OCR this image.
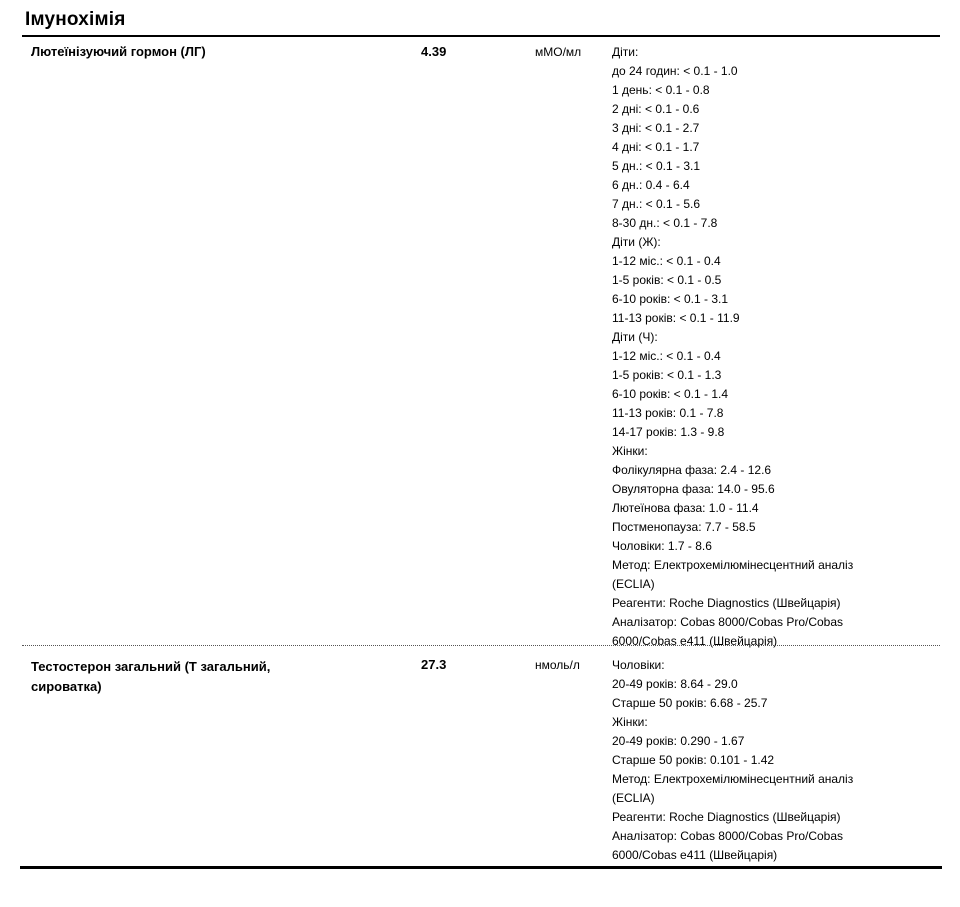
Імунохімія
Лютеїнізуючий гормон (ЛГ)	4.39	мМО/мл	Діти:
до 24 годин: < 0.1 - 1.0
1 день: < 0.1 - 0.8
2 дні: < 0.1 - 0.6
3 дні: < 0.1 - 2.7
4 дні: < 0.1 - 1.7
5 дн.: < 0.1 - 3.1
6 дн.: 0.4 - 6.4
7 дн.: < 0.1 - 5.6
8-30 дн.: < 0.1 - 7.8
Діти (Ж):
1-12 міс.: < 0.1 - 0.4
1-5 років: < 0.1 - 0.5
6-10 років: < 0.1 - 3.1
11-13 років: < 0.1 - 11.9
Діти (Ч):
1-12 міс.: < 0.1 - 0.4
1-5 років: < 0.1 - 1.3
6-10 років: < 0.1 - 1.4
11-13 років: 0.1 - 7.8
14-17 років: 1.3 - 9.8
Жінки:
Фолікулярна фаза: 2.4 - 12.6
Овуляторна фаза: 14.0 - 95.6
Лютеїнова фаза: 1.0 - 11.4
Постменопауза: 7.7 - 58.5
Чоловіки: 1.7 - 8.6
Метод: Електрохемілюмінесцентний аналіз
(ECLIA)
Реагенти: Roche Diagnostics (Швейцарія)
Аналізатор: Cobas 8000/Cobas Pro/Cobas
6000/Cobas e411 (Швейцарія)
Тестостерон загальний (Т загальний, сироватка)
27.3	нмоль/л	Чоловіки:
20-49 років: 8.64 - 29.0
Старше 50 років: 6.68 - 25.7
Жінки:
20-49 років: 0.290 - 1.67
Старше 50 років: 0.101 - 1.42
Метод: Електрохемілюмінесцентний аналіз
(ECLIA)
Реагенти: Roche Diagnostics (Швейцарія)
Аналізатор: Cobas 8000/Cobas Pro/Cobas
6000/Cobas e411 (Швейцарія)
